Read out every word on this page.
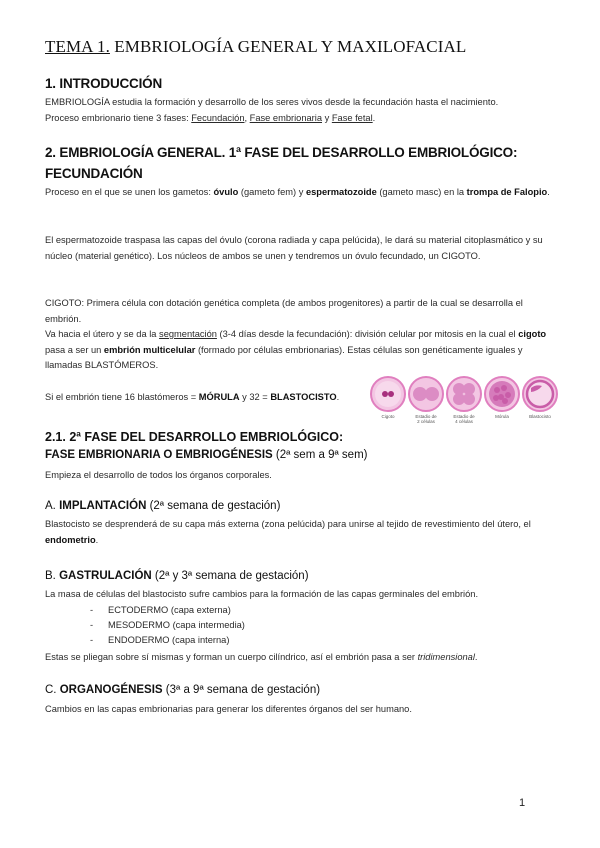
TEMA 1. EMBRIOLOGÍA GENERAL Y MAXILOFACIAL
1. INTRODUCCIÓN

EMBRIOLOGÍA estudia la formación y desarrollo de los seres vivos desde la fecundación hasta el nacimiento.
Proceso embrionario tiene 3 fases: Fecundación, Fase embrionaria y Fase fetal.

2. EMBRIOLOGÍA GENERAL. 1ª FASE DEL DESARROLLO EMBRIOLÓGICO:
FECUNDACIÓN

Proceso en el que se unen los gametos: óvulo (gameto fem) y espermatozoide (gameto masc) en la trompa de Falopio.

El espermatozoide traspasa las capas del óvulo (corona radiada y capa pelúcida), le dará su material citoplasmático y su núcleo (material genético). Los núcleos de ambos se unen y tendremos un óvulo fecundado, un CIGOTO.

CIGOTO: Primera célula con dotación genética completa (de ambos progenitores) a partir de la cual se desarrolla el embrión.
Va hacia el útero y se da la segmentación (3-4 días desde la fecundación): división celular por mitosis en la cual el cigoto pasa a ser un embrión multicelular (formado por células embrionarias). Estas células son genéticamente iguales y llamadas BLASTÓMEROS.

Si el embrión tiene 16 blastómeros = MÓRULA y 32 = BLASTOCISTO.

Cigoto	Estadio de
2 células
Estadio de
4 células
Mórula	Blastocisto
2.1. 2ª FASE DEL DESARROLLO EMBRIOLÓGICO:
FASE EMBRIONARIA O EMBRIOGÉNESIS (2ª sem a 9ª sem)

Empieza el desarrollo de todos los órganos corporales.

A. IMPLANTACIÓN (2ª semana de gestación)

Blastocisto se desprenderá de su capa más externa (zona pelúcida) para unirse al tejido de revestimiento del útero, el endometrio.

B. GASTRULACIÓN (2ª y 3ª semana de gestación)

La masa de células del blastocisto sufre cambios para la formación de las capas germinales del embrión.

- ECTODERMO (capa externa)
- MESODERMO (capa intermedia)
- ENDODERMO (capa interna)

Estas se pliegan sobre sí mismas y forman un cuerpo cilíndrico, así el embrión pasa a ser tridimensional.

C. ORGANOGÉNESIS (3ª a 9ª semana de gestación)

Cambios en las capas embrionarias para generar los diferentes órganos del ser humano.

1
